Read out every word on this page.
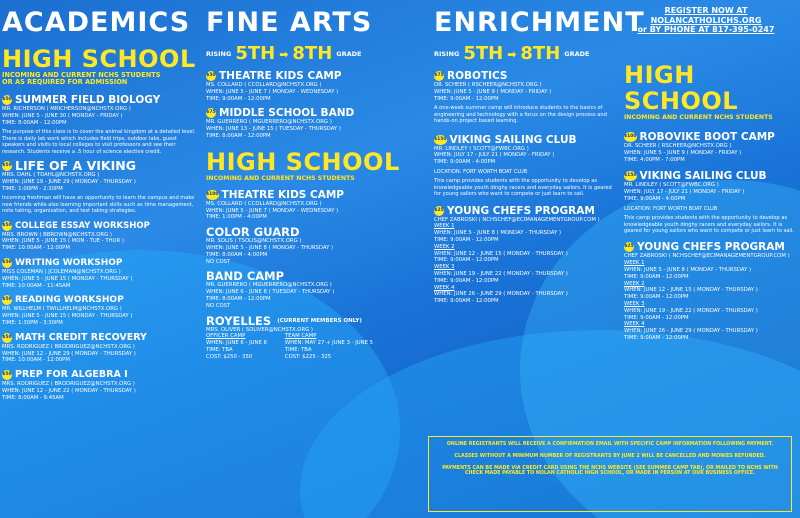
ACADEMICS
HIGH SCHOOL
INCOMING AND CURRENT NCHS STUDENTS
OR AS REQUIRED FOR ADMISSION
$50 SUMMER FIELD BIOLOGY
MR. RICHERSON ( MRICHERSON@NCHSTX.ORG )
WHEN: JUNE 5 - JUNE 30 ( MONDAY - FRIDAY )
TIME: 8:00AM - 12:00PM
The purpose of this class is to cover the animal kingdom at a detailed level. There is daily lab work which includes field trips, outdoor labs, guest speakers and visits to local colleges to visit professors and see their research. Students receive a .5 hour of science elective credit.
$50 LIFE OF A VIKING
MRS. DAHL ( TDAHL@NCHSTX.ORG )
WHEN: JUNE 19 - JUNE 29 ( MONDAY - THURSDAY )
TIME: 1:00PM - 2:30PM
Incoming freshman will have an opportunity to learn the campus and make new friends while also learning important skills such as time management, note taking, organization, and test taking strategies.
$50 COLLEGE ESSAY WORKSHOP
MRS. BROWN ( BBROWN@NCHSTX.ORG )
WHEN: JUNE 5 - JUNE 15 ( MON - TUE - THUR )
TIME: 10:00AM - 12:00PM
$50 WRITING WORKSHOP
MISS COLEMAN ( JCOLEMAN@NCHSTX.ORG )
WHEN: JUNE 5 - JUNE 15 ( MONDAY - THURSDAY )
TIME: 10:00AM - 11:45AM
$50 READING WORKSHOP
MR. WILLHELM ( TWILLHELM@NCHSTX.ORG )
WHEN: JUNE 5 - JUNE 15 ( MONDAY - THURSDAY )
TIME: 1:30PM - 3:30PM
$50 MATH CREDIT RECOVERY
MRS. RODRIGUEZ ( BRODRIGUEZ@NCHSTX.ORG )
WHEN: JUNE 12 - JUNE 29 ( MONDAY - THURSDAY )
TIME: 10:00AM - 12:00PM
$50 PREP FOR ALGEBRA I
MRS. RODRIGUEZ ( BRODRIGUEZ@NCHSTX.ORG )
WHEN: JUNE 12 - JUNE 22 ( MONDAY - THURSDAY )
TIME: 8:00AM - 9:45AM
FINE ARTS
RISING 5TH ➡ 8TH GRADE
$50 THEATRE KIDS CAMP
MS. COLLARD ( CCOLLARD@NCHSTX.ORG )
WHEN: JUNE 5 - JUNE 7 ( MONDAY - WEDNESDAY )
TIME: 9:00AM - 12:00PM
$75 MIDDLE SCHOOL BAND
MR. GUERRERO ( MGUERRERO@NCHSTX.ORG )
WHEN: JUNE 13 - JUNE 15 ( TUESDAY - THURSDAY )
TIME: 8:00AM - 12:00PM
HIGH SCHOOL
INCOMING AND CURRENT NCHS STUDENTS
$100 THEATRE KIDS CAMP
MS. COLLARD ( CCOLLARD@NCHSTX.ORG )
WHEN: JUNE 5 - JUNE 7 ( MONDAY - WEDNESDAY )
TIME: 1:00PM - 4:00PM
COLOR GUARD
MR. SOLIS ( TSOLIS@NCHSTX.ORG )
WHEN: JUNE 5 - JUNE 8 ( MONDAY - THURSDAY )
TIME: 8:00AM - 4:00PM
NO COST
BAND CAMP
MR. GUERRERO ( MGUERRERO@NCHSTX.ORG )
WHEN: JUNE 6 - JUNE 8 ( TUESDAY - THURSDAY )
TIME: 8:00AM - 12:00PM
NO COST
ROYELLES (CURRENT MEMBERS ONLY)
MRS. OLIVER ( SOLIVER@NCHSTX.ORG )
OFFICER CAMP
WHEN: JUNE 6 - JUNE 8
TIME: TBA
COST: $250 - 350
TEAM CAMP
WHEN: MAY 27 + JUNE 3 - JUNE 5
TIME: TBA
COST: $225 - 325
ENRICHMENT
RISING 5TH ➡ 8TH GRADE
$75 ROBOTICS
DR. SCHEER ( RSCHEER@NCHSTX.ORG )
WHEN: JUNE 5 - JUNE 9 ( MONDAY - FRIDAY )
TIME: 9:00AM - 12:00PM
A one-week summer camp will introduce students to the basics of engineering and technology with a focus on the design process and hands-on project based learning.
$150 VIKING SAILING CLUB
MR. LINDLEY ( SCOTT@FWBC.ORG )
WHEN: JULY 17 - JULY 21 ( MONDAY - FRIDAY )
TIME: 9:00AM - 4:00PM
LOCATION: FORT WORTH BOAT CLUB
This camp provides students with the opportunity to develop as knowledgeable youth dinghy racers and everyday sailors. It is geared for young sailors who want to compete or just learn to sail.
$25 YOUNG CHEFS PROGRAM
CHEF ZABROSKI ( NCHSCHEF@ECIMANAGEMENTGROUP.COM )
WEEK 1
WHEN: JUNE 5 - JUNE 8 ( MONDAY - THURSDAY )
TIME: 9:00AM - 12:00PM
WEEK 2
WHEN: JUNE 12 - JUNE 15 ( MONDAY - THURSDAY )
TIME: 9:00AM - 12:00PM
WEEK 3
WHEN: JUNE 19 - JUNE 22 ( MONDAY - THURSDAY )
TIME: 9:00AM - 12:00PM
WEEK 4
WHEN: JUNE 26 - JUNE 29 ( MONDAY - THURSDAY )
TIME: 9:00AM - 12:00PM
REGISTER NOW AT
NOLANCATHOLICHS.ORG
or BY PHONE AT 817-395-0247
HIGH SCHOOL
INCOMING AND CURRENT NCHS STUDENTS
$100 ROBOVIKE BOOT CAMP
DR. SCHEER ( RSCHEER@NCHSTX.ORG )
WHEN: JUNE 5 - JUNE 9 ( MONDAY - FRIDAY )
TIME: 4:00PM - 7:00PM
$150 VIKING SAILING CLUB
MR. LINDLEY ( SCOTT@FWBC.ORG )
WHEN: JULY 17 - JULY 21 ( MONDAY - FRIDAY )
TIME: 9:00AM - 4:00PM
LOCATION: FORT WORTH BOAT CLUB
This camp provides students with the opportunity to develop as knowledgeable youth dinghy racers and everyday sailors. It is geared for young sailors who want to compete or just learn to sail.
$25 YOUNG CHEFS PROGRAM
CHEF ZABROSKI ( NCHSCHEF@ECIMANAGEMENTGROUP.COM )
WEEK 1
WHEN: JUNE 5 - JUNE 8 ( MONDAY - THURSDAY )
TIME: 9:00AM - 12:00PM
WEEK 2
WHEN: JUNE 12 - JUNE 15 ( MONDAY - THURSDAY )
TIME: 9:00AM - 12:00PM
WEEK 3
WHEN: JUNE 19 - JUNE 22 ( MONDAY - THURSDAY )
TIME: 9:00AM - 12:00PM
WEEK 4
WHEN: JUNE 26 - JUNE 29 ( MONDAY - THURSDAY )
TIME: 9:00AM - 12:00PM

ONLINE REGISTRANTS WILL RECEIVE A CONFIRMATION EMAIL WITH SPECIFIC CAMP INFORMATION FOLLOWING PAYMENT.

CLASSES WITHOUT A MINIMUM NUMBER OF REGISTRANTS BY JUNE 2 WILL BE CANCELLED AND MONIES REFUNDED.

PAYMENTS CAN BE MADE VIA CREDIT CARD USING THE NCHS WEBSITE (SEE SUMMER CAMP TAB), OR MAILED TO NCHS WITH CHECK MADE PAYABLE TO NOLAN CATHOLIC HIGH SCHOOL, OR MADE IN PERSON AT OUR BUSINESS OFFICE.
